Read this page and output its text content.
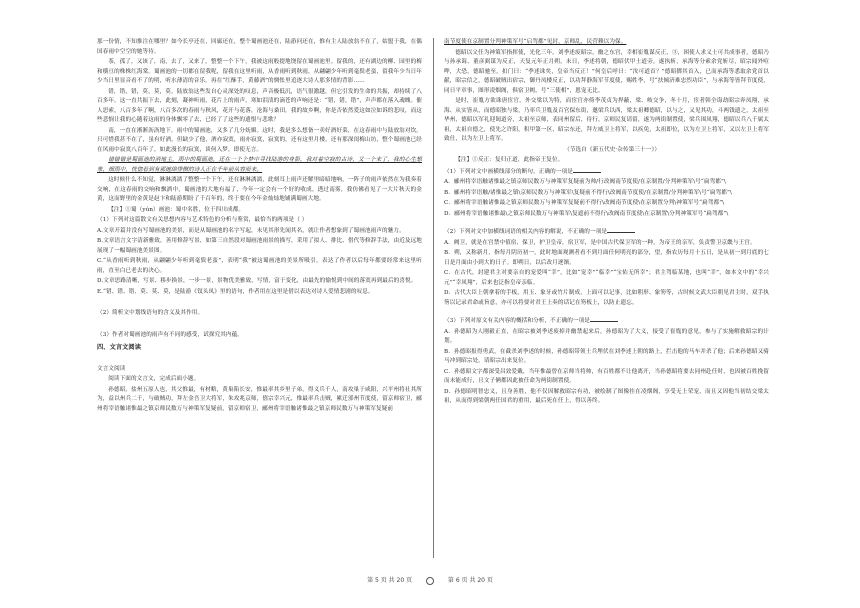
那一份情，不知推注在哪里？如今长亭还在，回廊还在，整个蜀画池还在，陆游问还在，惟有主人陆放翁不在了，姑盟于我，在偶国春雨中空空的她等待。

茶，孤了，又该了，南，去了，又来了，整整一个下午，我被这雨般提地饶留在蜀画池里。留我的，还有湖边的柳、园里的梅和横亘的株株红海棠。蜀画池的一切都在留我呢，留我在这里听雨，从香雨听到秋雨，从翩翩少年听到毫鬓老蛮，留我年少当日年少当日里显音看不了的明，听水薄清的音乐。再在“红酥手，黄藤酒”的惆怅里追逐大诗人那多情的背影……

错，错，错，莫，莫，莫。陆放翁这些发自心灵深处的叹息，声音极低沉，语气很激越，但它引发的生命的共振，却持续了八百多年。这一直共振下去，此刻，凝神听雨，花片上的雨声，寒如泪渍的滴苍的声响还是：“错，错，错”，声声都在落入魂魄。催人思索，八百多年了啊，八百多次的春雨与秋风，花开与花落，沧海与桑田。我的故乡啊，你是否依然爱这如泣如诉的悲叹，而这些悲悯让我的心随着这雨的身体飘零了去，已经了了这些的遗恨与悲歌？

南，一直在淅淅沥沥地下，雨中的蜀画池，又多了几分妩媚。这时，我是多么想备一卖好酒好菜，在这春雨中与陆放翁对饮。只可惜我甚不在了，虽有好酒，但缺少了他，酒亦寂寞，雨亦寂寞，寂寞的，还有这里月楼，还有那深闺梅山坊，整个蜀画池已经在风雨中寂寞八百年了，如此漫长的寂寞，谈何入梦，即使无言。

错错错是蜀画池的消地主，雨中的蜀画池，还在一个个梦中寻找陆游的身影，我对着空寂的古诗，又一个来了，我的心生想象，细雨中，恍惚看到有那缠绵悱恻的诗人正在千年前从容而来。

这时候什么不知觉，淋淋漓漓了整整一个下午，还在淋淋漓漓，此刻耳上雨声还解里暗暗地响，一阵子的雨声依然在为我奏着交响，在这春雨的交响和飘洒中，蜀画池的大地有福了，今年一定会有一个好的收成。透过南雾，我仿佛看见了一大片秋天的金黄，这而野里的金黄是赵卞和陆游期盼了千百年的，终于要在今年金灿灿地铺满蜀画大地。

【注】①蜀（yún）画池：蜀中名胜，位于四川成都。

（1）下列对这篇散文有关思想内容与艺术特色的分析与鉴赏，最恰当的两项是（ ）

A.文章开篇并没有写蜀画池的美景，而是从蜀画池的名字写起，未见其形先闻其名，就让作者想象到了蜀画池雨声的魅力。

B.文章语言文字清新雅致，善用修辞写景，如第三自然段对蜀画池雨景的描写，采用了拟人、排比、借代等修辞手法，由近及远地展现了一幅蜀画池美景图。

C.“从香雨听到秋雨，从翩翩少年听到毫鬓老蛮”，表明“我”被这蜀画池的美景所吸引，表达了作者以后每年都要经常来这里听雨，直至白已老去的决心。

D.文章思路清晰，写景、移步换景，一步一景，景物优美雅致，写情，富于变化，由最先的愉悦到中间的落寞再到最后的喜悦。

E.“错、错、错、莫、莫、莫，是陆游《钗头凤》里的语句，作者用在这里是借以表达对诗人爱情悲剧的叹息。

（2）简析文中划线语句的含义及其作用。

（3）作者对蜀画池的雨声有不同的感受，试探究其内蕴。

四、文言文阅读

文言文阅读

阅读下面的文言文，完成后面小题。

孙德昭，盐州五原人也，其父惟最，有材略，黄巢陷长安，惟最率其乡里子弟，得义兵千人，南攻巢于咸阳，兴平州将社其所为，益以州兵二千，与破贼功，拜左金吾卫大将军，朱攻兆京师，僖宗幸兴元，惟最率兵击贼，累迁邠州节度使，留京师宿卫，郦州将宰语触诸惟最之镇京师民数万与神策军复疑前，留京师宿卫，郦州将宰语触诸惟最之镇京师民数万与神策军复疑前

南节度使在京制置分判神策军号“启驾都”见封，京师乱，民营赖以为保。

德昭以父任为神策军指挥使，光化三年，刘季述废昭宗，幽之东宫，幸相崔胤谋反正，③，困使人求义士可共成事者，德昭乃与孙承诲、董彦弼谋为反正，天复元年正月朔，未日，李述将朝，德昭伏甲士道旁，遂执斩，承海等分索余党斩尽，昭宗闻外喧哗，大恐，德昭驰至，扣门曰：“季述诛矣，皇帝当反正！”何皇后呼曰：“汝可道首？”德昭掷其首入，已而承海等悉取余党首以献，昭宗信之，德昭破賊出宿宗，御丹凤楼反正，以功拜静海军节度使，赐姓李，号“扶倾济难忠烈功臣”，与承海等皆拜节度使，同日平章事，图形凌烟阁，俱宿卫阙，号“三使相”，恩宠无比。

是时，崔胤方欲诛唐宦官，外交梁以为特，而宦官亦倚李茂贞为捍蔽，梁、岐交争，冬十月，宦者韩全诲劫昭宗奔凤翔，承海、从实皆从，而德昭独与梁，乃率兵卫胤及百官保东街，邀梁兵以西，梁太祖卿德昭，以与之，又见其功，斗两钱遗之，太祖至华州，德昭以军礼迎谒道旁，太祖至京师，表同州留后，待行，京师民复请留，遂为两街制置使，梁兵围凤翔，德昭以兵八千属太祖，太祖自德之，使先之许阳，积甲第一区，昭宗东还，拜左威卫上将军，以疾免，太祖即位，以为左卫上将军，又以左卫上将军致仕，以为左卫上将军。

（节选自《新五代史·杂传第三十一》）

【注】①反正：复归正道，此指帝王复位。

（1）下列对文中画横线部分的断句，正确的一项是

A．郦州将宰语触诸惟最之镇京师民数万与神策军复疑前为帅/行改阀南节度使/在京制置/分判神策军\号“扁驾都”\

B．郦州将宰语触/诸惟最之镇\京师民数万与神策军\复疑前不得行\改阀南节度使/在京制置/分判神策军\号“扁驾都”\

C．郦州将宰语触诸惟最之镇京师民数万与神策军复疑前不得行\改阀南节度使\在京制置分判\神策军号“扁驾都”\

D．郦州将宰语触诸惟最\之镇京师民数万与神策军\复遮前不得行\改阀南节度使\在京制置\分判神策军号“扁驾都”\

（2）下列对文中加横线词语的相关内容的解说，不正确的一项是

A．阙卫，就是在宫禁中值宿，保卫，护卫皇帝，宿卫军，是中国古代保卫军的一种，为帝王的亲军，负责警卫京畿与王宫。

B．朔，又称新月，指每月阴历初一，此时地面观测者看不到月面任何明亮的部分，望，指农历每月十五日，是从初一到月底的七日是月面由小到大的日子。即朔日，以后改月逐渐。

C．在古代，封建君主对要亲自的宠爱叫“幸”，比如“宠幸”“临幸”“宝佑无所幸”；君主驾临某地，也叫“幸”，如本文中的“幸兴元”“幸凤翔”，后来也泛指皇帝亲临。

D．古代大臣上朝拿着的手板，用玉、象牙或竹片制成，上面可以记事，比如朝形、象笏等，古时候文武大臣朝见君主时，双手执笏以记录君命或旨意，亦可以将要对君王上奏的话记在笏板上，以防止遗忘。

（3）下列对原文有关内容的概括和分析，不正确的一项是

A．孙德昭为人刚毅正直，在昭宗被刘季述废掉并幽禁起来后，孙德昭为了大义，接受了崔胤的意见，参与了实施解救昭宗的计划。

B．孙德昭报得勇武，在截杀刘季述的时候，孙德昭带领士兵埋伏在刘季述上朝的路上，拦击他的马车并杀了他；后来孙德昭又骑马冲到昭宗处，请昭宗出来复位。

C．孙德昭文字都深受昌效爱戴，当年惟最曾在京师当将帅，有百姓都不让他离开，当孙德昭将要去同州赴任时，也因被百姓挽留而未能成行，且文子俩都因此被任命为两街制置使。

D．孙德昭明智忠义，且身善胜，他不仅因解救昭宗有功，被绘制了图像挂在凌烟阁，享受无上荣宠，而且又因他当初结交梁太祖，从而得到梁朝两任国君的重用，最后死在任上，得以善终。

第 5 页 共 20 页	第 6 页 共 20 页
